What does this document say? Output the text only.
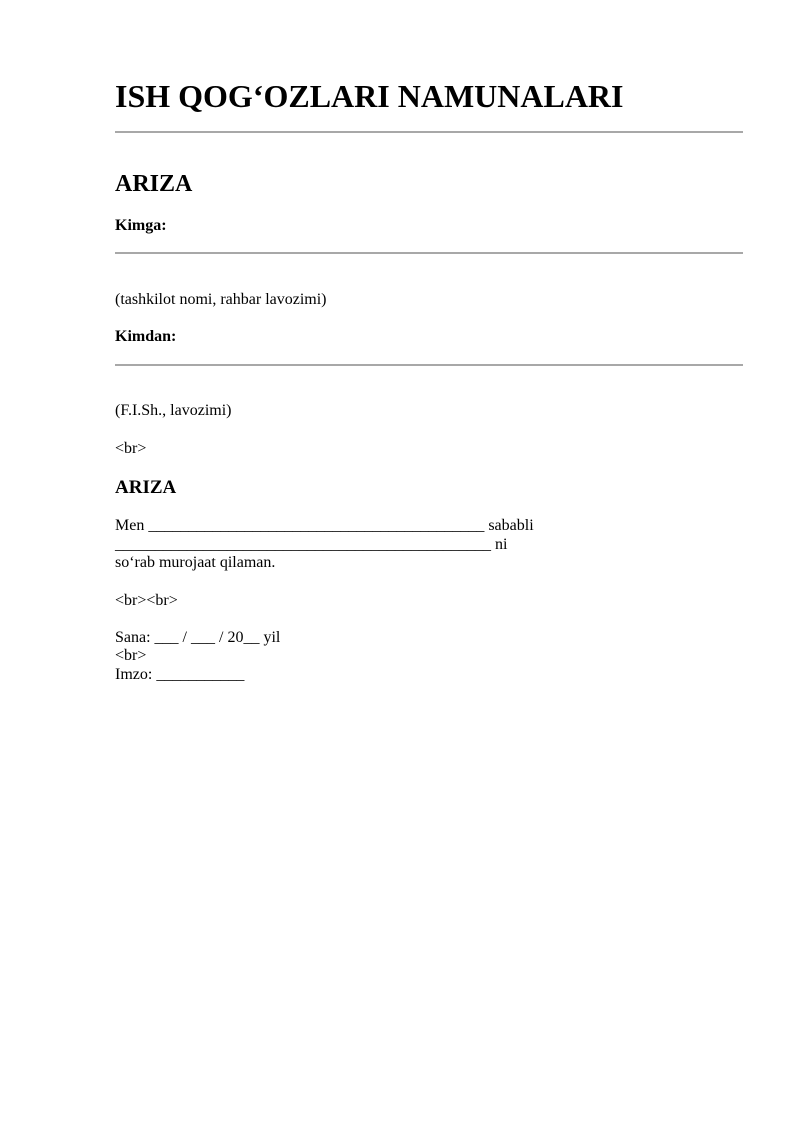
ISH QOG‘OZLARI NAMUNALARI
ARIZA
Kimga:
(tashkilot nomi, rahbar lavozimi)
Kimdan:
(F.I.Sh., lavozimi)
<br>
ARIZA
Men __________________________________________ sababli
_______________________________________________ ni
so‘rab murojaat qilaman.
<br><br>
Sana: ___ / ___ / 20__ yil
<br>
Imzo: ___________
